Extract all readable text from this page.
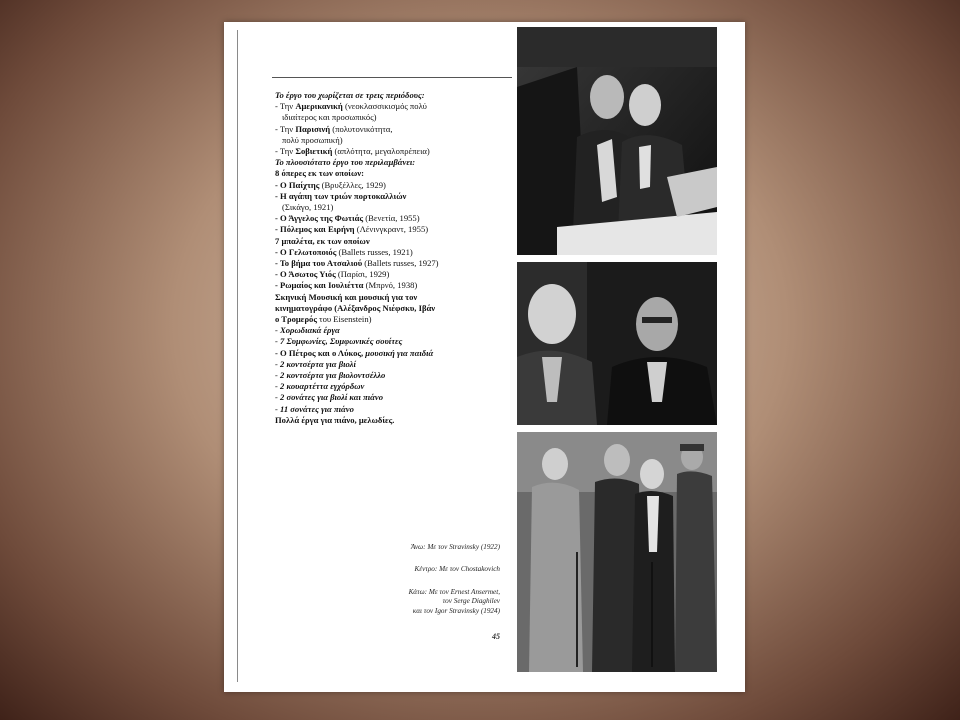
Το έργο του χωρίζεται σε τρεις περιόδους:
- Την Αμερικανική (νεοκλασσικισμός πολύ
ιδιαίτερος και προσωπικός)
- Την Παρισινή (πολυτονικότητα,
πολύ προσωπική)
- Την Σοβιετική (απλότητα, μεγαλοπρέπεια)
Το πλουσιότατο έργο του περιλαμβάνει:
8 όπερες εκ των οποίων:
- Ο Παίχτης (Βρυξέλλες, 1929)
- Η αγάπη των τριών πορτοκαλλιών
(Σικάγο, 1921)
- Ο Άγγελος της Φωτιάς (Βενετία, 1955)
- Πόλεμος και Ειρήνη (Λένινγκραντ, 1955)
7 μπαλέτα, εκ των οποίων
- Ο Γελωτοποιός (Ballets russes, 1921)
- Το βήμα του Ατσαλιού (Ballets russes, 1927)
- Ο Άσωτος Υιός (Παρίσι, 1929)
- Ρωμαίος και Ιουλιέττα (Μπρνό, 1938)
Σκηνική Μουσική και μουσική για τον
κινηματογράφο (Αλέξανδρος Νιέφσκυ, Ιβάν
ο Τρομερός του Eisenstein)
- Χορωδιακά έργα
- 7 Συμφωνίες, Συμφωνικές σουίτες
- Ο Πέτρος και ο Λύκος, μουσική για παιδιά
- 2 κοντσέρτα για βιολί
- 2 κοντσέρτα για βιολοντσέλλο
- 2 κουαρτέττα εγχόρδων
- 2 σονάτες για βιολί και πιάνο
- 11 σονάτες για πιάνο
Πολλά έργα για πιάνο, μελωδίες.
Άνω: Με τον Stravinsky (1922)
Κέντρο: Με τον Chostakovich
Κάτω: Με τον Ernest Ansermet,
τον Serge Diaghilev
και τον Igor Stravinsky (1924)
45
